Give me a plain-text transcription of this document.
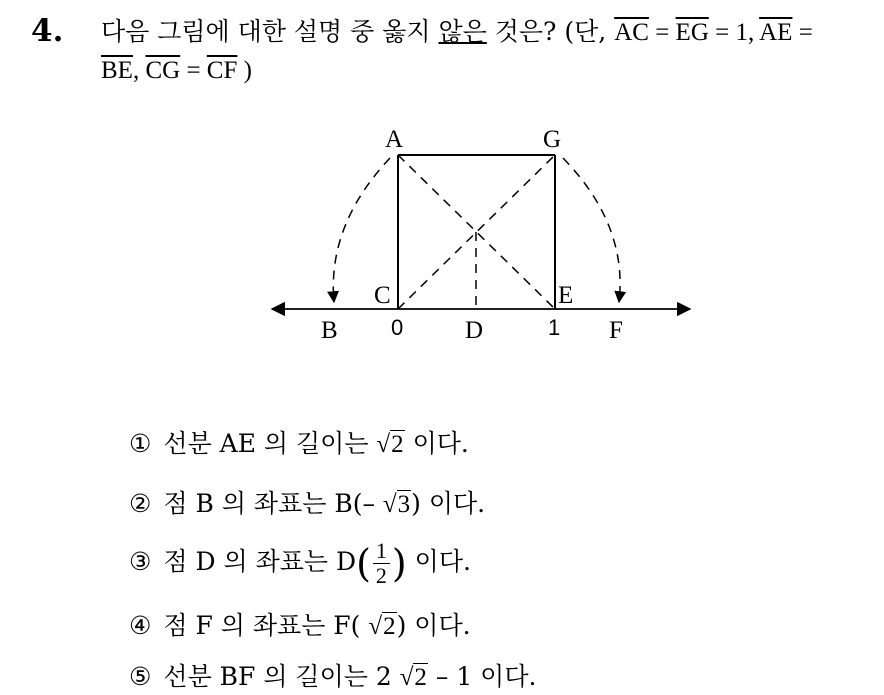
4. 다음 그림에 대한 설명 중 옳지 않은 것은? (단, $\overline{AC} = \overline{EG} = 1$, $\overline{AE}$ =
$\overline{BE}$, $\overline{CG} = \overline{CF}$ )
A	G
C	E
B	D	F
0	1
① 선분 AE 의 길이는 √2 이다.
② 점 B 의 좌표는 B(– √3) 이다.
③ 점 D 의 좌표는 $D( \frac{1}{2}$ ) 이다.
④ 점 F 의 좌표는 F( √2) 이다.
⑤ 선분 BF 의 길이는 2 √2 – 1 이다.
